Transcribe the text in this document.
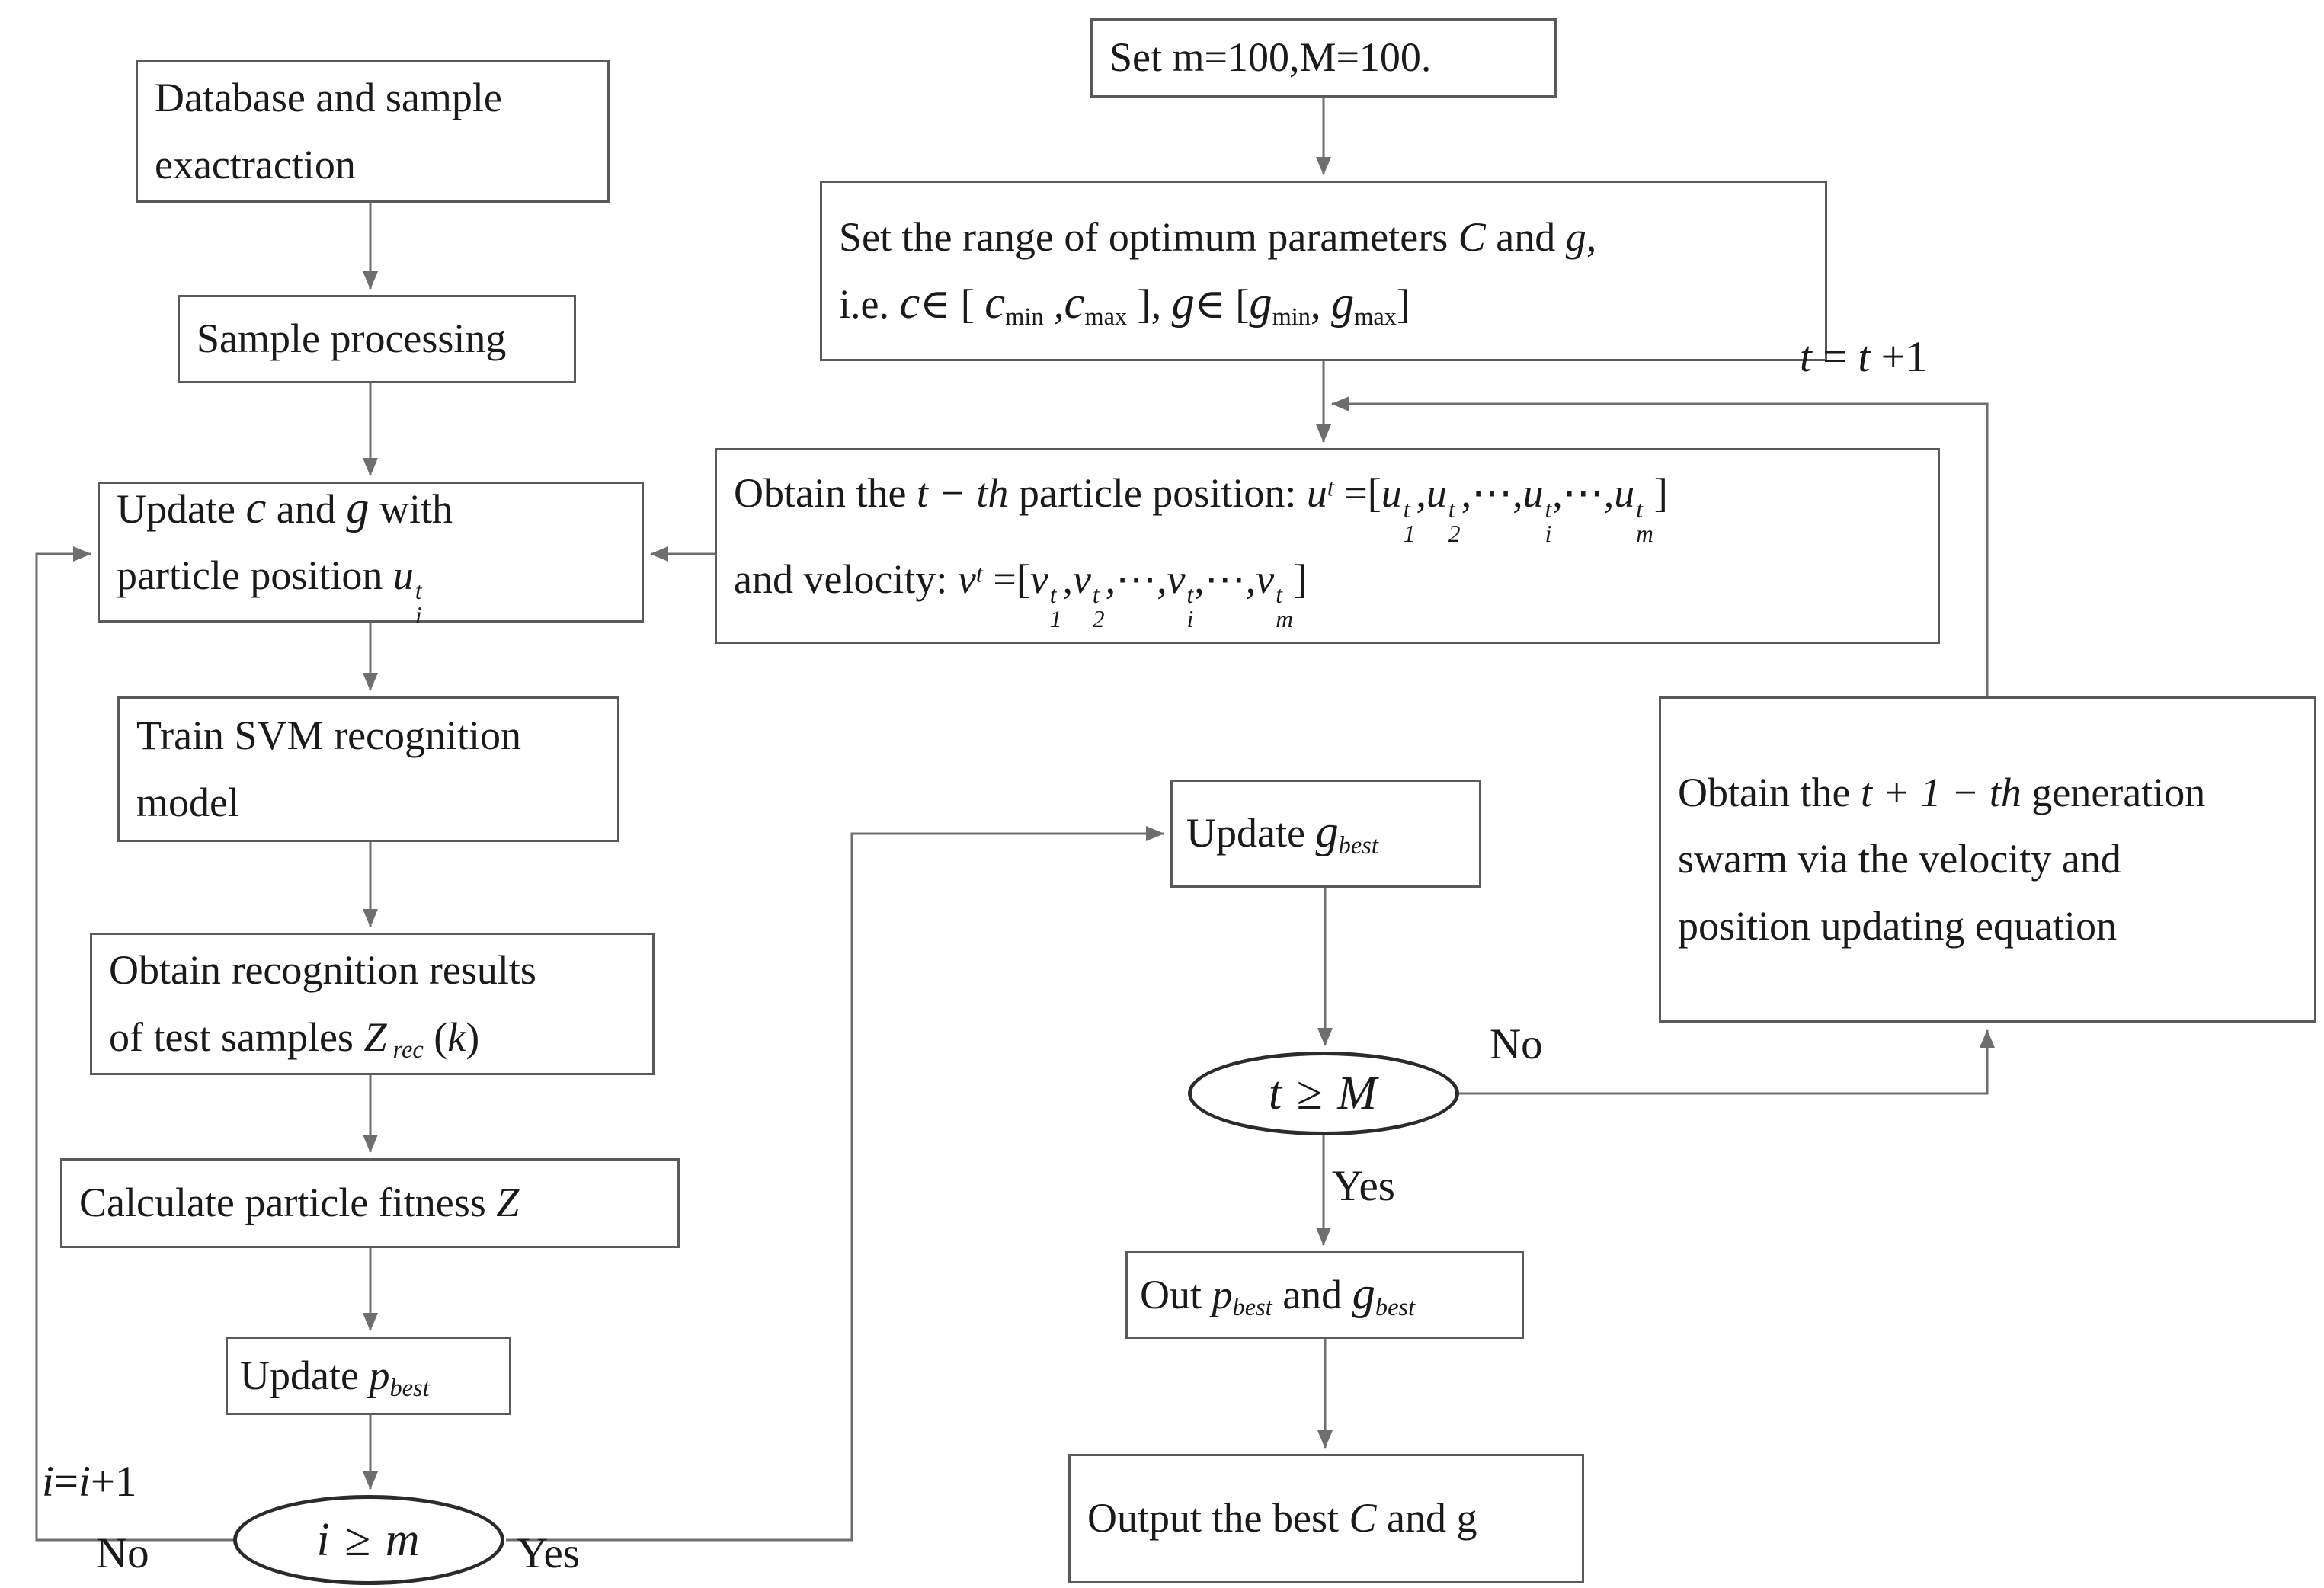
Database and sample
exactraction
Sample processing
Update c and g with
particle position u t
i
Train SVM recognition
model
Obtain recognition results
of test samples Z rec (k)
Calculate particle fitness Z
Update pbest
i ≥ m
Set m=100,M=100.
Set the range of optimum parameters C and g,
i.e. c∈ [ cmin ,cmax ], g∈ [gmin, gmax]
Obtain the t − th particle position: $u^t =[u$ t
1
,u t
2
,⋯,u t
i
,⋯,u t
m
]
and velocity: $v^t =[v$ t
1
,v t
2
,⋯,v t
i
,⋯,v t
m
]
Update gbest
t ≥ M
Out pbest and gbest
Output the best C and g
Obtain the t + 1 − th generation
swarm via the velocity and
position updating equation
t = t +1
i=i+1
No	Yes
No
Yes
